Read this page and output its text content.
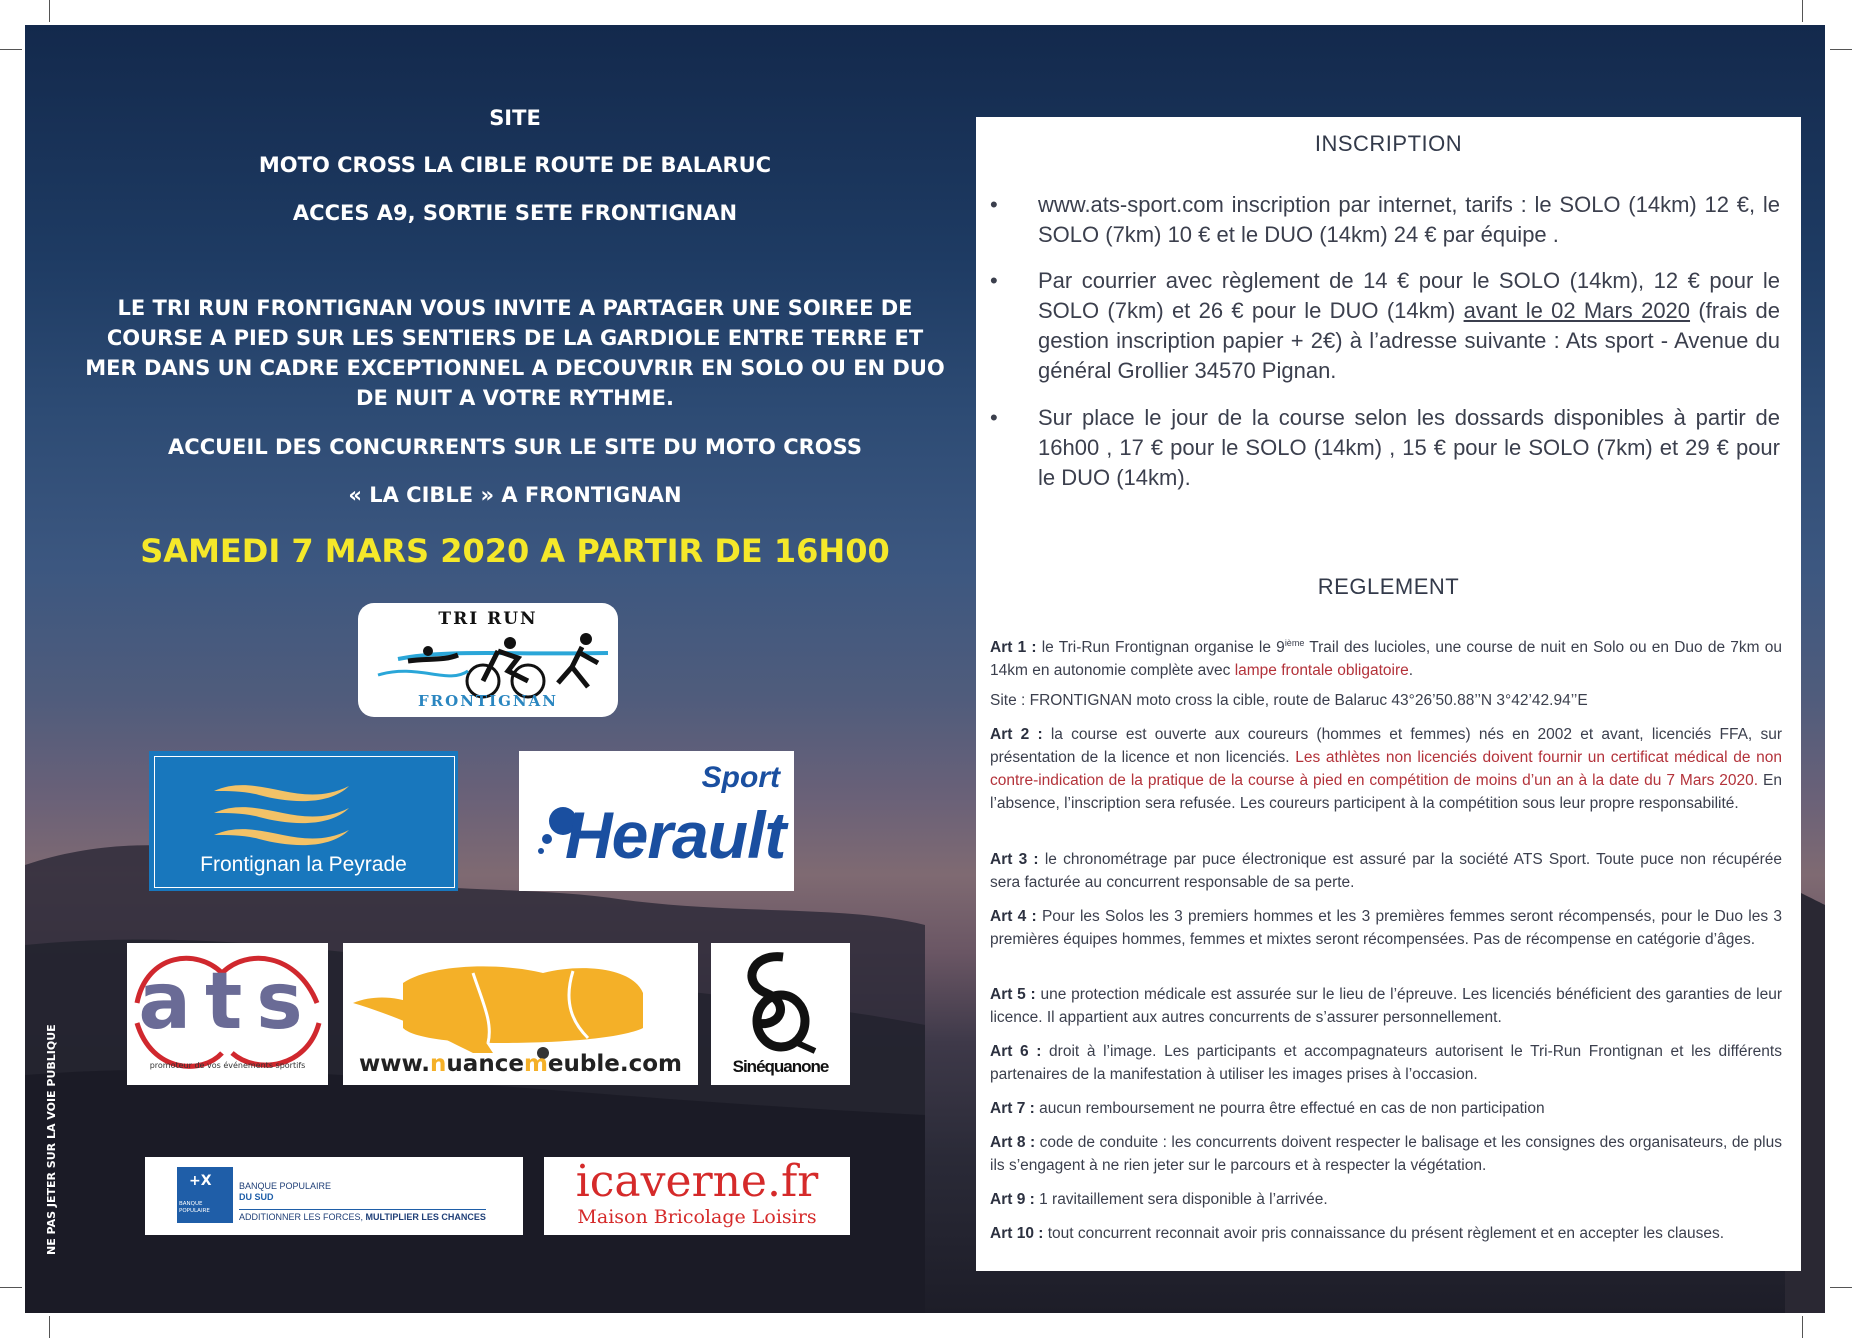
SITE
MOTO CROSS LA CIBLE ROUTE DE BALARUC
ACCES A9, SORTIE SETE FRONTIGNAN
LE TRI RUN FRONTIGNAN VOUS INVITE A PARTAGER UNE SOIREE DE
COURSE A PIED SUR LES SENTIERS DE LA GARDIOLE ENTRE TERRE ET
MER DANS UN CADRE EXCEPTIONNEL A DECOUVRIR EN SOLO OU EN DUO
DE NUIT A VOTRE RYTHME.
ACCUEIL DES CONCURRENTS SUR LE SITE DU MOTO CROSS
« LA CIBLE » A FRONTIGNAN
SAMEDI 7 MARS 2020 A PARTIR DE 16H00
TRI RUN
FRONTIGNAN
Frontignan la Peyrade
Sport
Herault
ats
promoteur de vos événements sportifs	www.nuancemeuble.com	Sinéquanone
+X
BANQUE POPULAIRE
BANQUE POPULAIRE
DU SUD
ADDITIONNER LES FORCES, MULTIPLIER LES CHANCES
icaverne.fr
Maison Bricolage Loisirs
NE PAS JETER SUR LA VOIE PUBLIQUE
INSCRIPTION
• www.ats-sport.com inscription par internet, tarifs : le SOLO (14km) 12 €, le SOLO (7km) 10 € et le DUO (14km) 24 € par équipe .
• Par courrier avec règlement de 14 € pour le SOLO (14km), 12 € pour le SOLO (7km) et 26 € pour le DUO (14km) avant le 02 Mars 2020 (frais de gestion inscription papier + 2€) à l’adresse suivante : Ats sport - Avenue du général Grollier 34570 Pignan.
• Sur place le jour de la course selon les dossards disponibles à partir de 16h00 , 17 € pour le SOLO (14km) , 15 € pour le SOLO (7km) et 29 € pour le DUO (14km).
REGLEMENT
Art 1 : le Tri-Run Frontignan organise le 9ième Trail des lucioles, une course de nuit en Solo ou en Duo de 7km ou 14km en autonomie complète avec lampe frontale obligatoire.
Site : FRONTIGNAN moto cross la cible, route de Balaruc 43°26’50.88’’N 3°42’42.94’’E
Art 2 : la course est ouverte aux coureurs (hommes et femmes) nés en 2002 et avant, licenciés FFA, sur présentation de la licence et non licenciés. Les athlètes non licenciés doivent fournir un certificat médical de non contre-indication de la pratique de la course à pied en compétition de moins d’un an à la date du 7 Mars 2020. En l’absence, l’inscription sera refusée. Les coureurs participent à la compétition sous leur propre responsabilité.
Art 3 : le chronométrage par puce électronique est assuré par la société ATS Sport. Toute puce non récupérée sera facturée au concurrent responsable de sa perte.
Art 4 : Pour les Solos les 3 premiers hommes et les 3 premières femmes seront récompensés, pour le Duo les 3 premières équipes hommes, femmes et mixtes seront récompensées. Pas de récompense en catégorie d’âges.
Art 5 : une protection médicale est assurée sur le lieu de l’épreuve. Les licenciés bénéficient des garanties de leur licence. Il appartient aux autres concurrents de s’assurer personnellement.
Art 6 : droit à l’image. Les participants et accompagnateurs autorisent le Tri-Run Frontignan et les différents partenaires de la manifestation à utiliser les images prises à l’occasion.
Art 7 : aucun remboursement ne pourra être effectué en cas de non participation
Art 8 : code de conduite : les concurrents doivent respecter le balisage et les consignes des organisateurs, de plus ils s’engagent à ne rien jeter sur le parcours et à respecter la végétation.
Art 9 : 1 ravitaillement sera disponible à l’arrivée.
Art 10 : tout concurrent reconnait avoir pris connaissance du présent règlement et en accepter les clauses.
